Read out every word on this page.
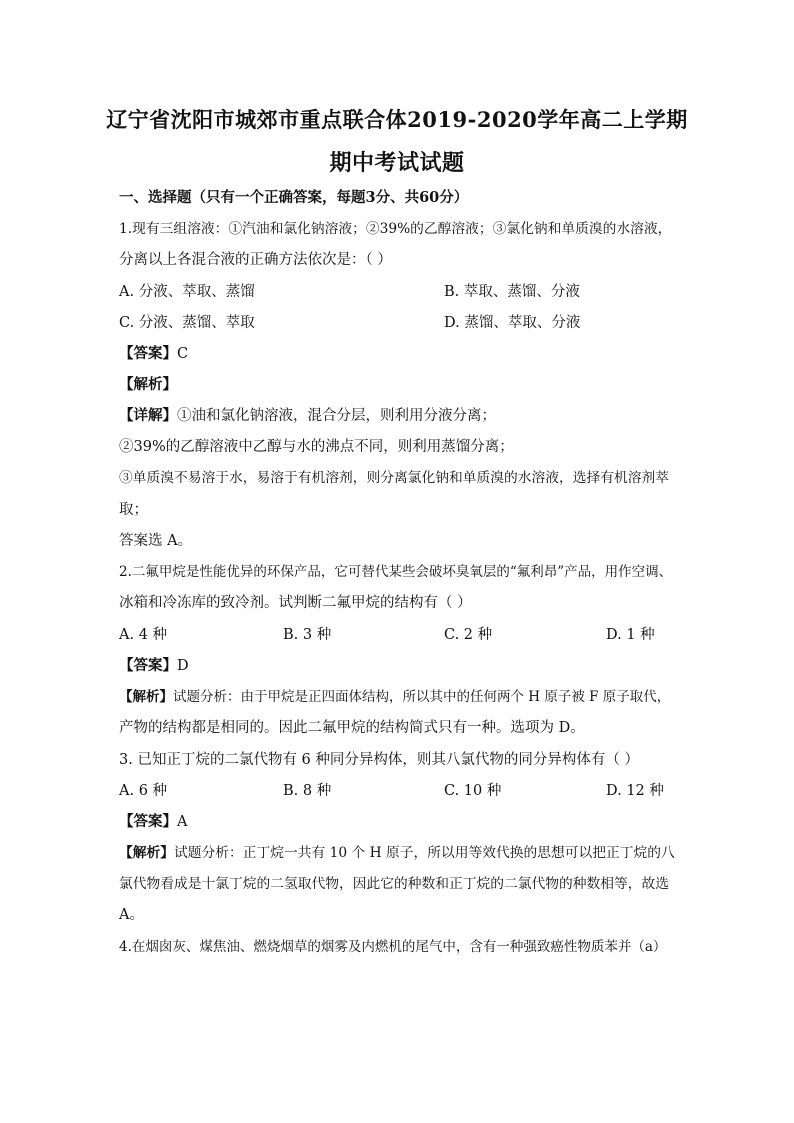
辽宁省沈阳市城郊市重点联合体2019-2020学年高二上学期
期中考试试题
一、选择题（只有一个正确答案，每题3分、共60分）
1.现有三组溶液：①汽油和氯化钠溶液；②39%的乙醇溶液；③氯化钠和单质溴的水溶液，
分离以上各混合液的正确方法依次是：（ ）
A. 分液、萃取、蒸馏	B. 萃取、蒸馏、分液
C. 分液、蒸馏、萃取	D. 蒸馏、萃取、分液
【答案】C
【解析】
【详解】①油和氯化钠溶液，混合分层，则利用分液分离；
②39%的乙醇溶液中乙醇与水的沸点不同，则利用蒸馏分离；
③单质溴不易溶于水，易溶于有机溶剂，则分离氯化钠和单质溴的水溶液，选择有机溶剂萃
取；
答案选 A。
2.二氟甲烷是性能优异的环保产品，它可替代某些会破坏臭氧层的“氟利昂”产品，用作空调、
冰箱和冷冻库的致冷剂。试判断二氟甲烷的结构有（ ）
A. 4 种	B. 3 种	C. 2 种	D. 1 种
【答案】D
【解析】试题分析：由于甲烷是正四面体结构，所以其中的任何两个 H 原子被 F 原子取代，
产物的结构都是相同的。因此二氟甲烷的结构简式只有一种。选项为 D。
3. 已知正丁烷的二氯代物有 6 种同分异构体，则其八氯代物的同分异构体有（ ）
A. 6 种	B. 8 种	C. 10 种	D. 12 种
【答案】A
【解析】试题分析：正丁烷一共有 10 个 H 原子，所以用等效代换的思想可以把正丁烷的八
氯代物看成是十氯丁烷的二氢取代物，因此它的种数和正丁烷的二氯代物的种数相等，故选
A。
4.在烟囱灰、煤焦油、燃烧烟草的烟雾及内燃机的尾气中，含有一种强致癌性物质苯并（a）
